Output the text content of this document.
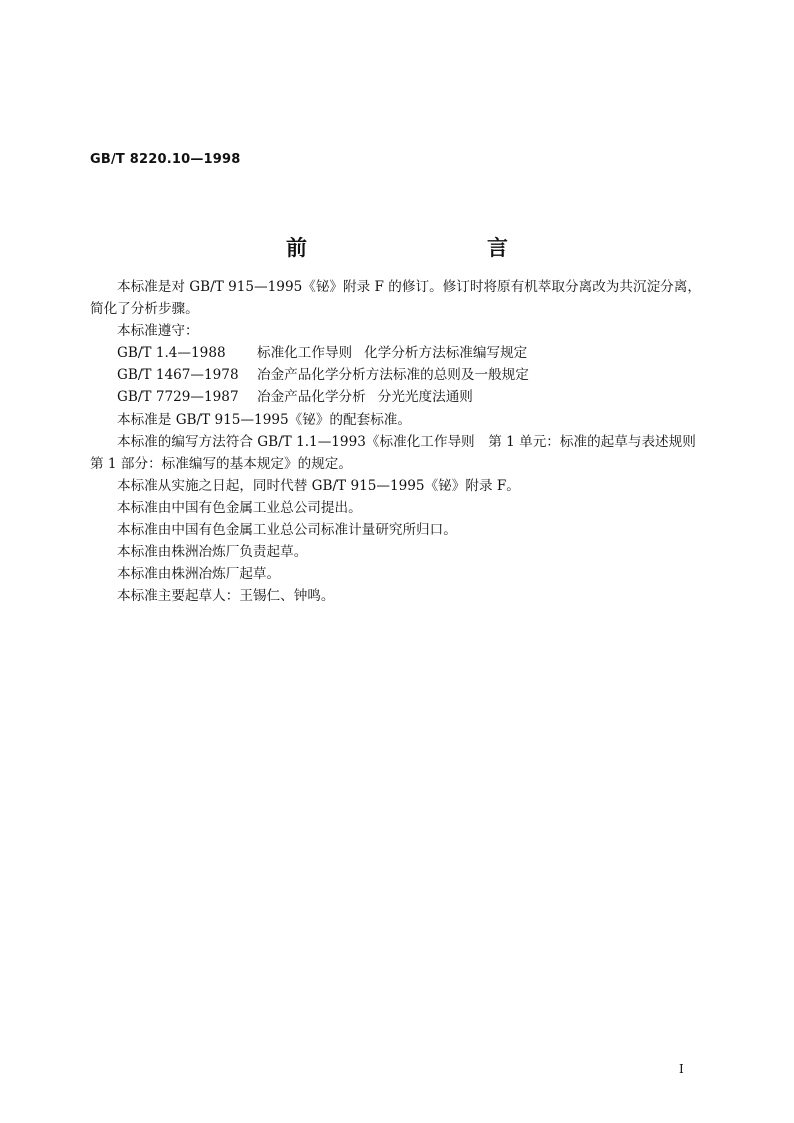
GB/T 8220.10—1998
前　　言

本标准是对 GB/T 915—1995《铋》附录 F 的修订。修订时将原有机萃取分离改为共沉淀分离，简化了分析步骤。

本标准遵守：

GB/T 1.4—1988 标准化工作导则 化学分析方法标准编写规定

GB/T 1467—1978 冶金产品化学分析方法标准的总则及一般规定

GB/T 7729—1987 冶金产品化学分析 分光光度法通则

本标准是 GB/T 915—1995《铋》的配套标准。

本标准的编写方法符合 GB/T 1.1—1993《标准化工作导则　第 1 单元：标准的起草与表述规则　第 1 部分：标准编写的基本规定》的规定。

本标准从实施之日起，同时代替 GB/T 915—1995《铋》附录 F。

本标准由中国有色金属工业总公司提出。

本标准由中国有色金属工业总公司标准计量研究所归口。

本标准由株洲冶炼厂负责起草。

本标准由株洲冶炼厂起草。

本标准主要起草人：王锡仁、钟鸣。

I
